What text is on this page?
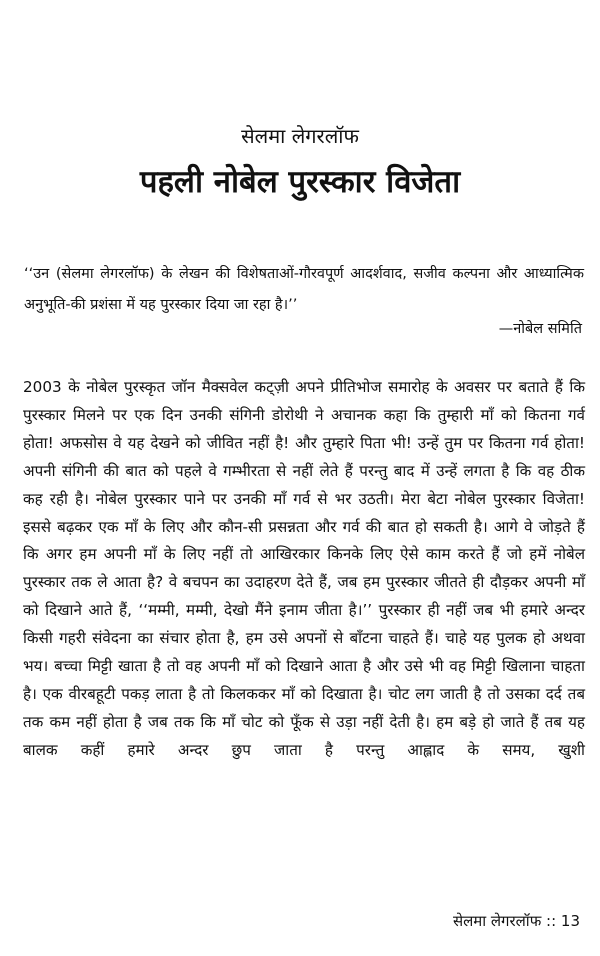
सेलमा लेगरलॉफ
पहली नोबेल पुरस्कार विजेता
‘‘उन (सेलमा लेगरलॉफ) के लेखन की विशेषताओं-गौरवपूर्ण आदर्शवाद, सजीव कल्पना और आध्यात्मिक अनुभूति-की प्रशंसा में यह पुरस्कार दिया जा रहा है।’’
—नोबेल समिति
2003 के नोबेल पुरस्कृत जॉन मैक्सवेल कट्ज़ी अपने प्रीतिभोज समारोह के अवसर पर बताते हैं कि पुरस्कार मिलने पर एक दिन उनकी संगिनी डोरोथी ने अचानक कहा कि तुम्हारी माँ को कितना गर्व होता! अफसोस वे यह देखने को जीवित नहीं है! और तुम्हारे पिता भी! उन्हें तुम पर कितना गर्व होता! अपनी संगिनी की बात को पहले वे गम्भीरता से नहीं लेते हैं परन्तु बाद में उन्हें लगता है कि वह ठीक कह रही है। नोबेल पुरस्कार पाने पर उनकी माँ गर्व से भर उठती। मेरा बेटा नोबेल पुरस्कार विजेता! इससे बढ़कर एक माँ के लिए और कौन-सी प्रसन्नता और गर्व की बात हो सकती है। आगे वे जोड़ते हैं कि अगर हम अपनी माँ के लिए नहीं तो आखिरकार किनके लिए ऐसे काम करते हैं जो हमें नोबेल पुरस्कार तक ले आता है? वे बचपन का उदाहरण देते हैं, जब हम पुरस्कार जीतते ही दौड़कर अपनी माँ को दिखाने आते हैं, ‘‘मम्मी, मम्मी, देखो मैंने इनाम जीता है।’’ पुरस्कार ही नहीं जब भी हमारे अन्दर किसी गहरी संवेदना का संचार होता है, हम उसे अपनों से बाँटना चाहते हैं। चाहे यह पुलक हो अथवा भय। बच्चा मिट्टी खाता है तो वह अपनी माँ को दिखाने आता है और उसे भी वह मिट्टी खिलाना चाहता है। एक वीरबहूटी पकड़ लाता है तो किलककर माँ को दिखाता है। चोट लग जाती है तो उसका दर्द तब तक कम नहीं होता है जब तक कि माँ चोट को फूँक से उड़ा नहीं देती है। हम बड़े हो जाते हैं तब यह बालक कहीं हमारे अन्दर छुप जाता है परन्तु आह्लाद के समय, खुशी
सेलमा लेगरलॉफ :: 13
